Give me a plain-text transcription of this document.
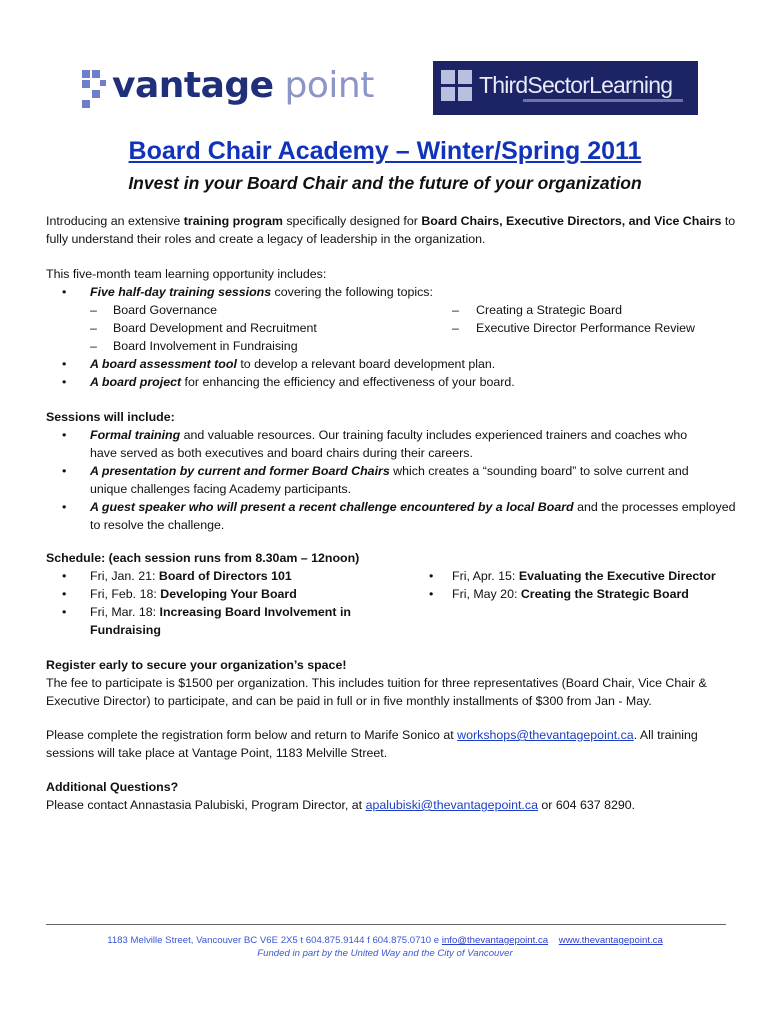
vantage point	ThirdSectorLearning
Board Chair Academy – Winter/Spring 2011
Invest in your Board Chair and the future of your organization
Introducing an extensive training program specifically designed for Board Chairs, Executive Directors, and Vice Chairs to
fully understand their roles and create a legacy of leadership in the organization.
This five-month team learning opportunity includes:
• Five half-day training sessions covering the following topics:
– Board Governance	– Creating a Strategic Board
– Board Development and Recruitment	– Executive Director Performance Review
– Board Involvement in Fundraising
• A board assessment tool to develop a relevant board development plan.
• A board project for enhancing the efficiency and effectiveness of your board.
Sessions will include:
• Formal training and valuable resources. Our training faculty includes experienced trainers and coaches who
have served as both executives and board chairs during their careers.
• A presentation by current and former Board Chairs which creates a “sounding board” to solve current and
unique challenges facing Academy participants.
• A guest speaker who will present a recent challenge encountered by a local Board and the processes employed
to resolve the challenge.
Schedule: (each session runs from 8.30am – 12noon)
• Fri, Jan. 21: Board of Directors 101	• Fri, Apr. 15: Evaluating the Executive Director
• Fri, Feb. 18: Developing Your Board	• Fri, May 20: Creating the Strategic Board
• Fri, Mar. 18: Increasing Board Involvement in
Fundraising
Register early to secure your organization’s space!
The fee to participate is $1500 per organization. This includes tuition for three representatives (Board Chair, Vice Chair &
Executive Director) to participate, and can be paid in full or in five monthly installments of $300 from Jan - May.
Please complete the registration form below and return to Marife Sonico at workshops@thevantagepoint.ca. All training
sessions will take place at Vantage Point, 1183 Melville Street.
Additional Questions?
Please contact Annastasia Palubiski, Program Director, at apalubiski@thevantagepoint.ca or 604 637 8290.
1183 Melville Street, Vancouver BC V6E 2X5 t 604.875.9144 f 604.875.0710 e info@thevantagepoint.ca www.thevantagepoint.ca
Funded in part by the United Way and the City of Vancouver
